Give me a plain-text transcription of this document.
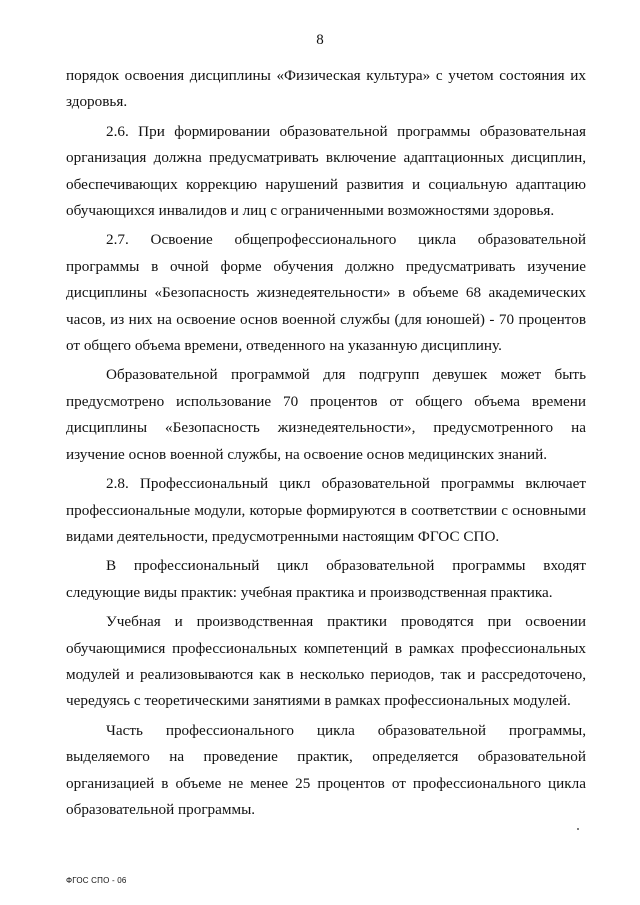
8

порядок освоения дисциплины «Физическая культура» с учетом состояния их здоровья.

2.6. При формировании образовательной программы образовательная организация должна предусматривать включение адаптационных дисциплин, обеспечивающих коррекцию нарушений развития и социальную адаптацию обучающихся инвалидов и лиц с ограниченными возможностями здоровья.

2.7. Освоение общепрофессионального цикла образовательной программы в очной форме обучения должно предусматривать изучение дисциплины «Безопасность жизнедеятельности» в объеме 68 академических часов, из них на освоение основ военной службы (для юношей) - 70 процентов от общего объема времени, отведенного на указанную дисциплину.

Образовательной программой для подгрупп девушек может быть предусмотрено использование 70 процентов от общего объема времени дисциплины «Безопасность жизнедеятельности», предусмотренного на изучение основ военной службы, на освоение основ медицинских знаний.

2.8. Профессиональный цикл образовательной программы включает профессиональные модули, которые формируются в соответствии с основными видами деятельности, предусмотренными настоящим ФГОС СПО.

В профессиональный цикл образовательной программы входят следующие виды практик: учебная практика и производственная практика.

Учебная и производственная практики проводятся при освоении обучающимися профессиональных компетенций в рамках профессиональных модулей и реализовываются как в несколько периодов, так и рассредоточено, чередуясь с теоретическими занятиями в рамках профессиональных модулей.

Часть профессионального цикла образовательной программы, выделяемого на проведение практик, определяется образовательной организацией в объеме не менее 25 процентов от профессионального цикла образовательной программы.

ФГОС СПО - 06
